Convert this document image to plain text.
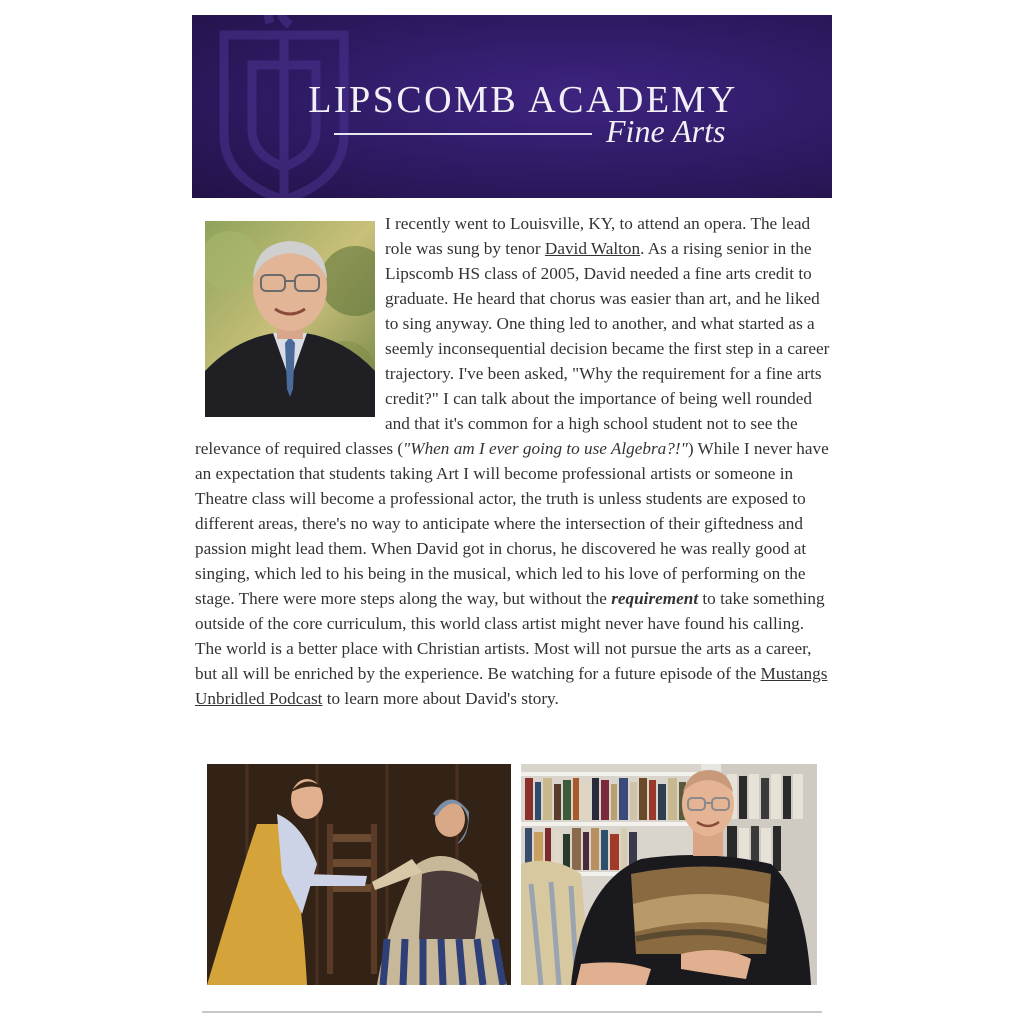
LIPSCOMB ACADEMY
Fine Arts

I recently went to Louisville, KY, to attend an opera. The lead role was sung by tenor David Walton. As a rising senior in the Lipscomb HS class of 2005, David needed a fine arts credit to graduate. He heard that chorus was easier than art, and he liked to sing anyway. One thing led to another, and what started as a seemly inconsequential decision became the first step in a career trajectory. I've been asked, "Why the requirement for a fine arts credit?" I can talk about the importance of being well rounded and that it's common for a high school student not to see the relevance of required classes ("When am I ever going to use Algebra?!") While I never have an expectation that students taking Art I will become professional artists or someone in Theatre class will become a professional actor, the truth is unless students are exposed to different areas, there's no way to anticipate where the intersection of their giftedness and passion might lead them. When David got in chorus, he discovered he was really good at singing, which led to his being in the musical, which led to his love of performing on the stage. There were more steps along the way, but without the requirement to take something outside of the core curriculum, this world class artist might never have found his calling. The world is a better place with Christian artists. Most will not pursue the arts as a career, but all will be enriched by the experience. Be watching for a future episode of the Mustangs Unbridled Podcast to learn more about David's story.
